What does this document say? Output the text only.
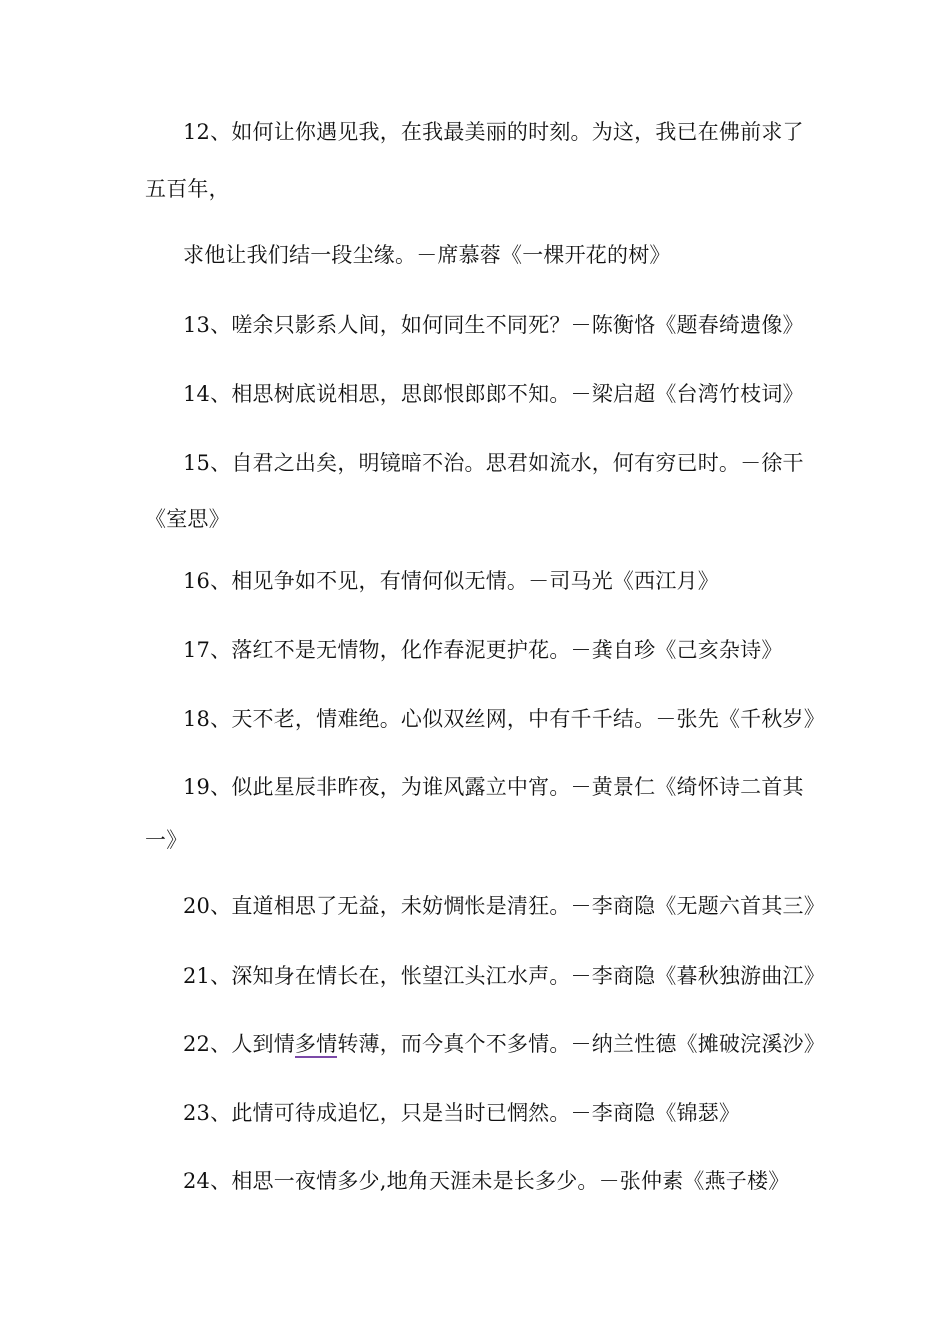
12、如何让你遇见我，在我最美丽的时刻。为这，我已在佛前求了
五百年，
求他让我们结一段尘缘。－席慕蓉《一棵开花的树》
13、嗟余只影系人间，如何同生不同死？－陈衡恪《题春绮遗像》
14、相思树底说相思，思郎恨郎郎不知。－梁启超《台湾竹枝词》
15、自君之出矣，明镜暗不治。思君如流水，何有穷已时。－徐干
《室思》
16、相见争如不见，有情何似无情。－司马光《西江月》
17、落红不是无情物，化作春泥更护花。－龚自珍《己亥杂诗》
18、天不老，情难绝。心似双丝网，中有千千结。－张先《千秋岁》
19、似此星辰非昨夜，为谁风露立中宵。－黄景仁《绮怀诗二首其
一》
20、直道相思了无益，未妨惆怅是清狂。－李商隐《无题六首其三》
21、深知身在情长在，怅望江头江水声。－李商隐《暮秋独游曲江》
22、人到情多情转薄，而今真个不多情。－纳兰性德《摊破浣溪沙》
23、此情可待成追忆，只是当时已惘然。－李商隐《锦瑟》
24、相思一夜情多少,地角天涯未是长多少。－张仲素《燕子楼》
